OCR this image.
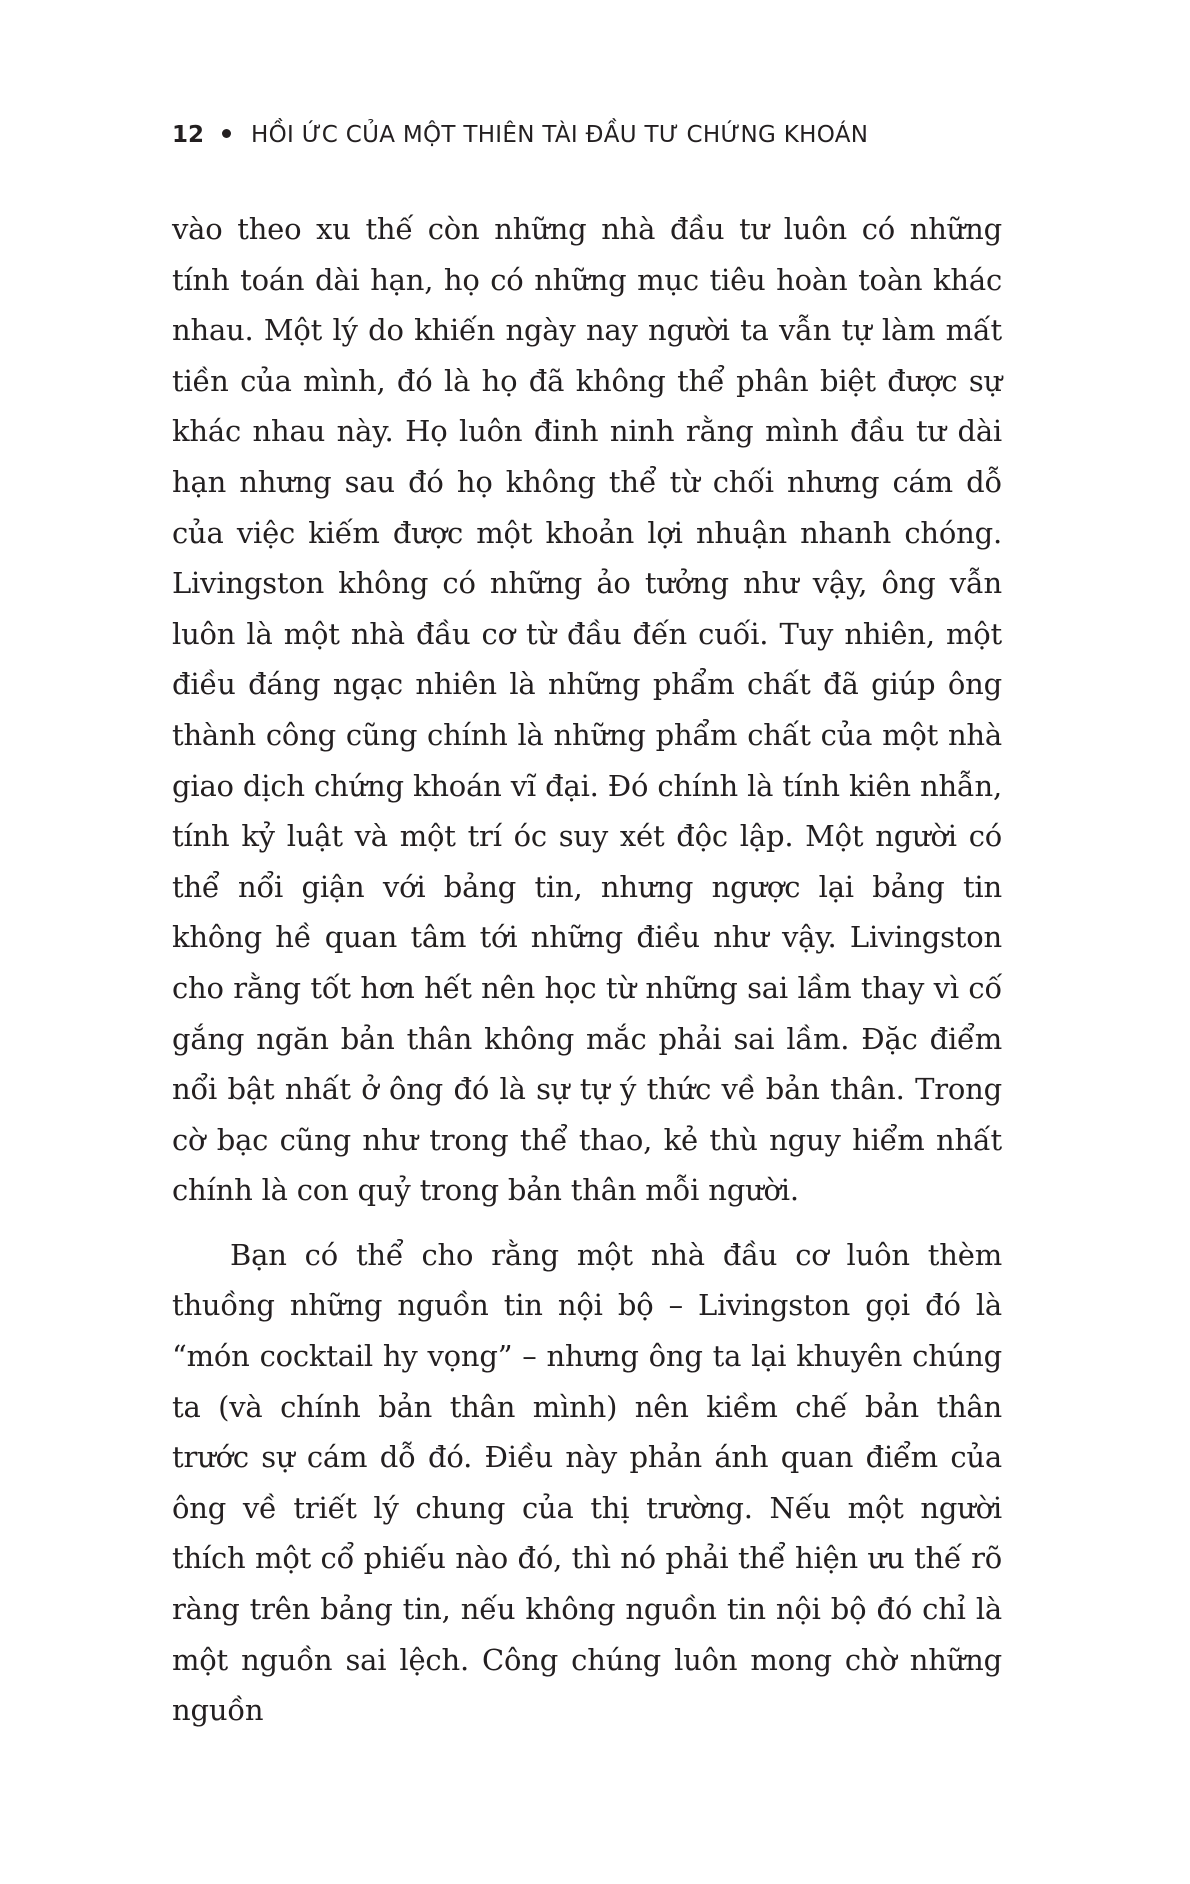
12 HỒI ỨC CỦA MỘT THIÊN TÀI ĐẦU TƯ CHỨNG KHOÁN

vào theo xu thế còn những nhà đầu tư luôn có những tính toán dài hạn, họ có những mục tiêu hoàn toàn khác nhau. Một lý do khiến ngày nay người ta vẫn tự làm mất tiền của mình, đó là họ đã không thể phân biệt được sự khác nhau này. Họ luôn đinh ninh rằng mình đầu tư dài hạn nhưng sau đó họ không thể từ chối nhưng cám dỗ của việc kiếm được một khoản lợi nhuận nhanh chóng. Livingston không có những ảo tưởng như vậy, ông vẫn luôn là một nhà đầu cơ từ đầu đến cuối. Tuy nhiên, một điều đáng ngạc nhiên là những phẩm chất đã giúp ông thành công cũng chính là những phẩm chất của một nhà giao dịch chứng khoán vĩ đại. Đó chính là tính kiên nhẫn, tính kỷ luật và một trí óc suy xét độc lập. Một người có thể nổi giận với bảng tin, nhưng ngược lại bảng tin không hề quan tâm tới những điều như vậy. Livingston cho rằng tốt hơn hết nên học từ những sai lầm thay vì cố gắng ngăn bản thân không mắc phải sai lầm. Đặc điểm nổi bật nhất ở ông đó là sự tự ý thức về bản thân. Trong cờ bạc cũng như trong thể thao, kẻ thù nguy hiểm nhất chính là con quỷ trong bản thân mỗi người.

Bạn có thể cho rằng một nhà đầu cơ luôn thèm thuồng những nguồn tin nội bộ – Livingston gọi đó là “món cocktail hy vọng” – nhưng ông ta lại khuyên chúng ta (và chính bản thân mình) nên kiềm chế bản thân trước sự cám dỗ đó. Điều này phản ánh quan điểm của ông về triết lý chung của thị trường. Nếu một người thích một cổ phiếu nào đó, thì nó phải thể hiện ưu thế rõ ràng trên bảng tin, nếu không nguồn tin nội bộ đó chỉ là một nguồn sai lệch. Công chúng luôn mong chờ những nguồn
